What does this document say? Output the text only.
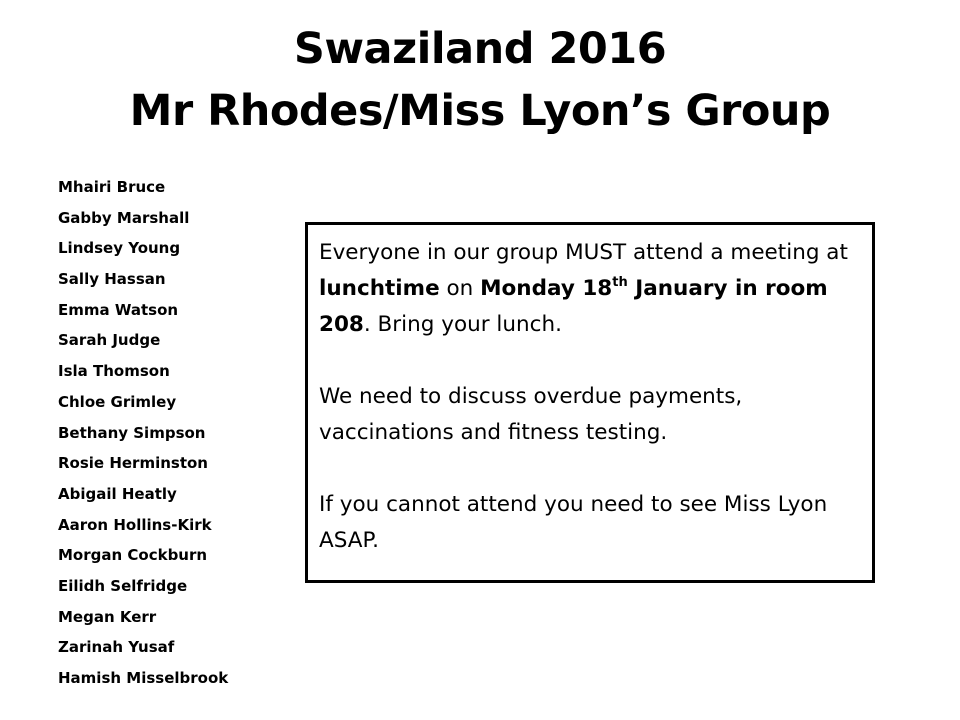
Swaziland 2016
Mr Rhodes/Miss Lyon’s Group
Mhairi Bruce
Gabby Marshall
Lindsey Young
Sally Hassan
Emma Watson
Sarah Judge
Isla Thomson
Chloe Grimley
Bethany Simpson
Rosie Herminston
Abigail Heatly
Aaron Hollins-Kirk
Morgan Cockburn
Eilidh Selfridge
Megan Kerr
Zarinah Yusaf
Hamish Misselbrook

Everyone in our group MUST attend a meeting at lunchtime on Monday 18th January in room 208. Bring your lunch.

We need to discuss overdue payments, vaccinations and fitness testing.

If you cannot attend you need to see Miss Lyon ASAP.
